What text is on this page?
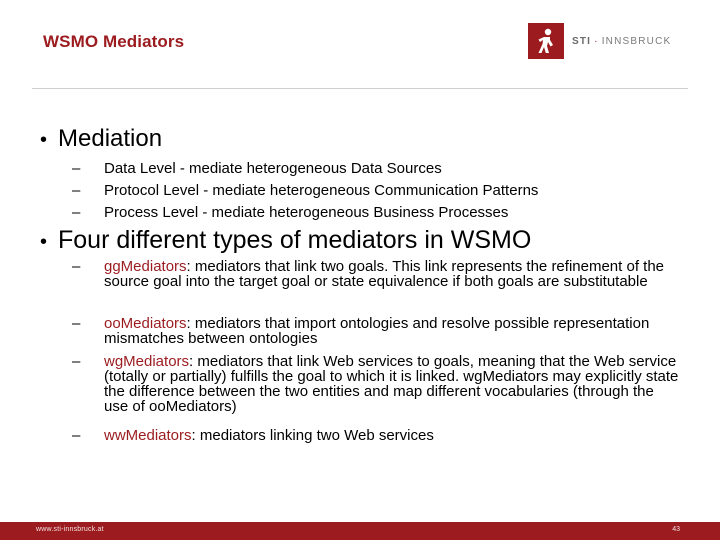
WSMO Mediators	STI · INNSBRUCK
• Mediation
– Data Level - mediate heterogeneous Data Sources
– Protocol Level - mediate heterogeneous Communication Patterns
– Process Level - mediate heterogeneous Business Processes
• Four different types of mediators in WSMO
– ggMediators: mediators that link two goals. This link represents the refinement of the source goal into the target goal or state equivalence if both goals are substitutable
– ooMediators: mediators that import ontologies and resolve possible representation mismatches between ontologies
– wgMediators: mediators that link Web services to goals, meaning that the Web service (totally or partially) fulfills the goal to which it is linked. wgMediators may explicitly state the difference between the two entities and map different vocabularies (through the use of ooMediators)
– wwMediators: mediators linking two Web services
www.sti-innsbruck.at	43
